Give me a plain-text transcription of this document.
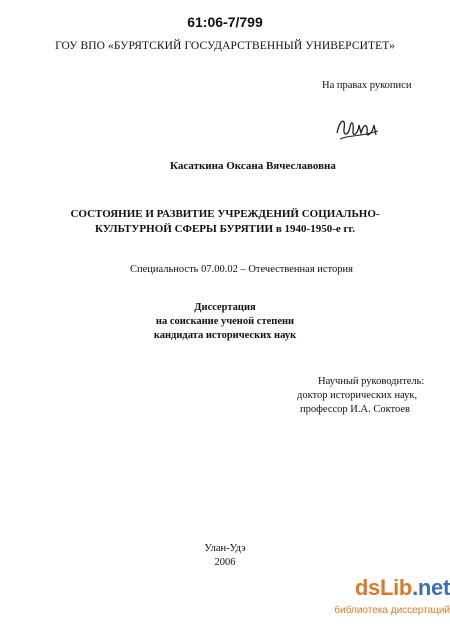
61:06-7/799
ГОУ ВПО «БУРЯТСКИЙ ГОСУДАРСТВЕННЫЙ УНИВЕРСИТЕТ»
На правах рукописи
Касаткина Оксана Вячеславовна
СОСТОЯНИЕ И РАЗВИТИЕ УЧРЕЖДЕНИЙ СОЦИАЛЬНО-
КУЛЬТУРНОЙ СФЕРЫ БУРЯТИИ в 1940-1950-е гг.
Специальность 07.00.02 – Отечественная история
Диссертация
на соискание ученой степени
кандидата исторических наук
Научный руководитель:
доктор исторических наук,
профессор И.А. Соктоев
Улан-Удэ
2006
dsLib.net
библиотека диссертаций
